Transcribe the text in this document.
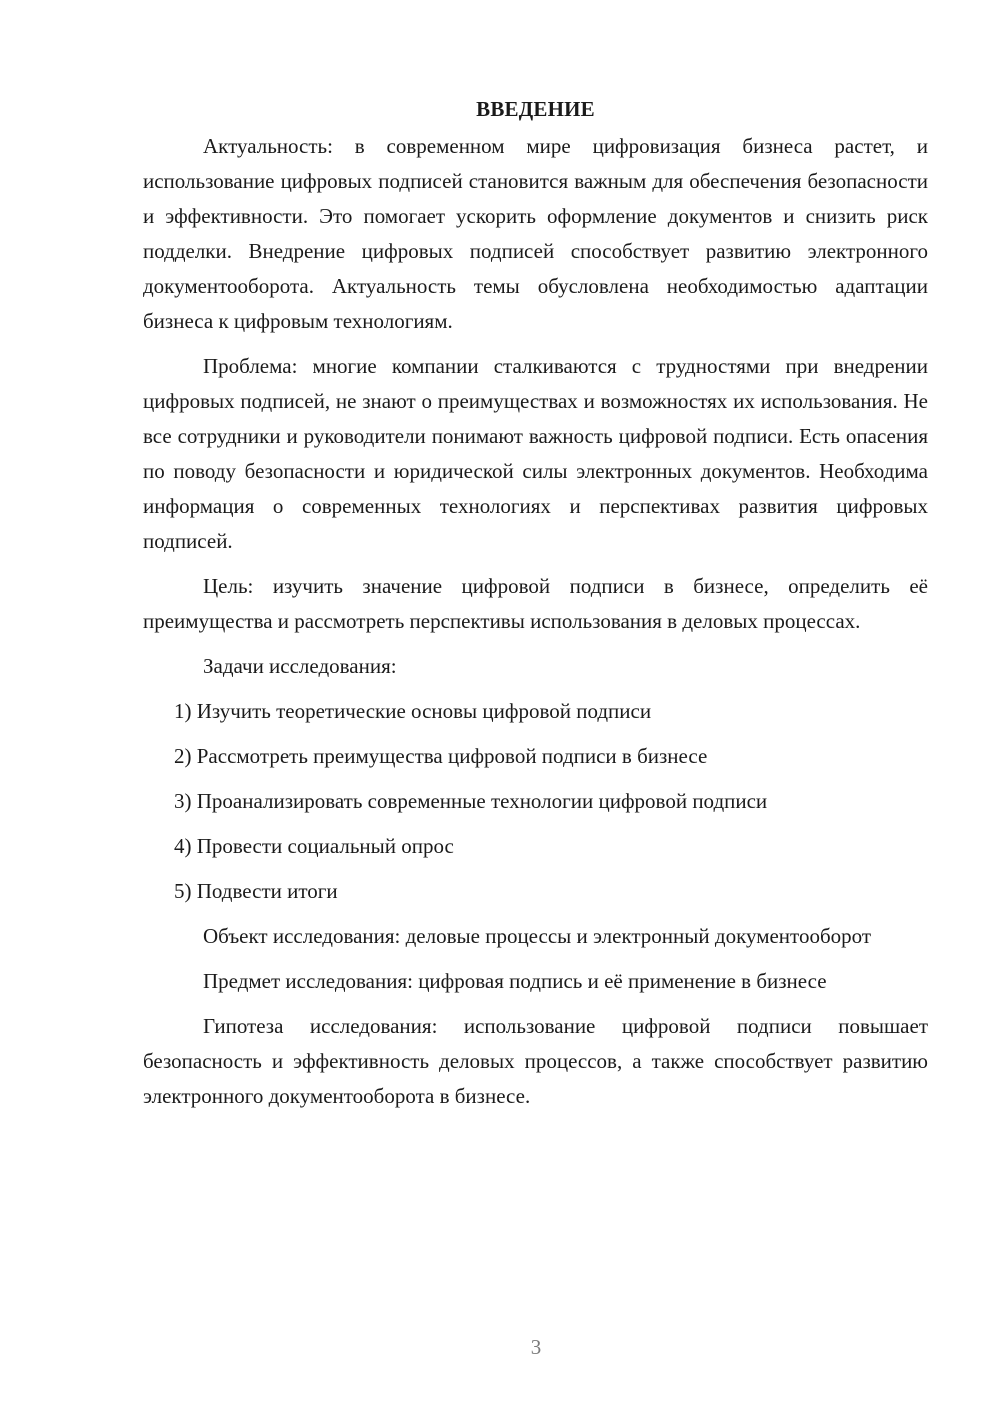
ВВЕДЕНИЕ

Актуальность: в современном мире цифровизация бизнеса растет, и использование цифровых подписей становится важным для обеспечения безопасности и эффективности. Это помогает ускорить оформление документов и снизить риск подделки. Внедрение цифровых подписей способствует развитию электронного документооборота. Актуальность темы обусловлена необходимостью адаптации бизнеса к цифровым технологиям.

Проблема: многие компании сталкиваются с трудностями при внедрении цифровых подписей, не знают о преимуществах и возможностях их использования. Не все сотрудники и руководители понимают важность цифровой подписи. Есть опасения по поводу безопасности и юридической силы электронных документов. Необходима информация о современных технологиях и перспективах развития цифровых подписей.

Цель: изучить значение цифровой подписи в бизнесе, определить её преимущества и рассмотреть перспективы использования в деловых процессах.

Задачи исследования:

1) Изучить теоретические основы цифровой подписи
2) Рассмотреть преимущества цифровой подписи в бизнесе
3) Проанализировать современные технологии цифровой подписи
4) Провести социальный опрос
5) Подвести итоги

Объект исследования: деловые процессы и электронный документооборот

Предмет исследования: цифровая подпись и её применение в бизнесе

Гипотеза исследования: использование цифровой подписи повышает безопасность и эффективность деловых процессов, а также способствует развитию электронного документооборота в бизнесе.

3
